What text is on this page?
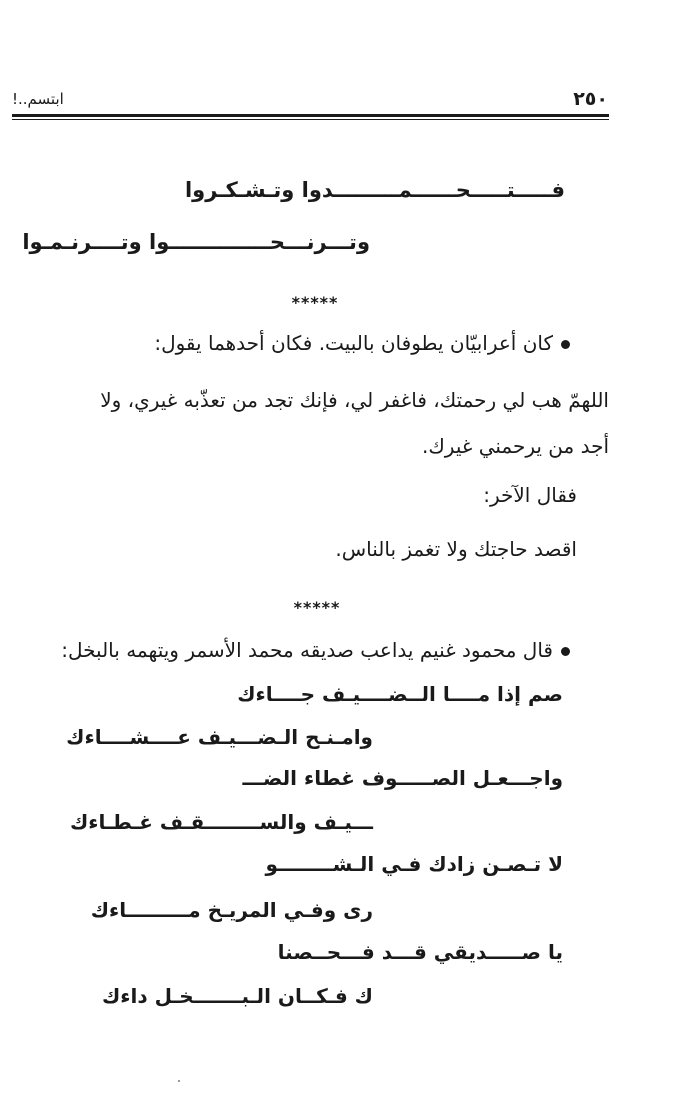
٢٥٠
ابتسم..!
فـــــتـــــحــــــمـــــــــدوا وتـشـكـروا
وتـــرنـــحــــــــــــــوا وتــــرنـمـوا
*****
كان أعرابيّان يطوفان بالبيت. فكان أحدهما يقول:
اللهمّ هب لي رحمتك، فاغفر لي، فإنك تجد من تعذّبه غيري، ولا
أجد من يرحمني غيرك.
فقال الآخر:
اقصد حاجتك ولا تغمز بالناس.
*****
قال محمود غنيم يداعب صديقه محمد الأسمر ويتهمه بالبخل:
صم إذا مــــا الــضــــيـف جــــاءك
وامـنـح الـضـــيـف عــــشــــاءك
واجـــعـل الصـــــوف غطاء الضـــ
ـــيـف والســــــــقـف غـطـاءك
لا تـصـن زادك فـي الـشــــــــو
رى وفـي المريـخ مـــــــــاءك
يا صـــــديقي قـــد فـــحــصنا
ك فـكــان الـبـــــــخـل داءك
